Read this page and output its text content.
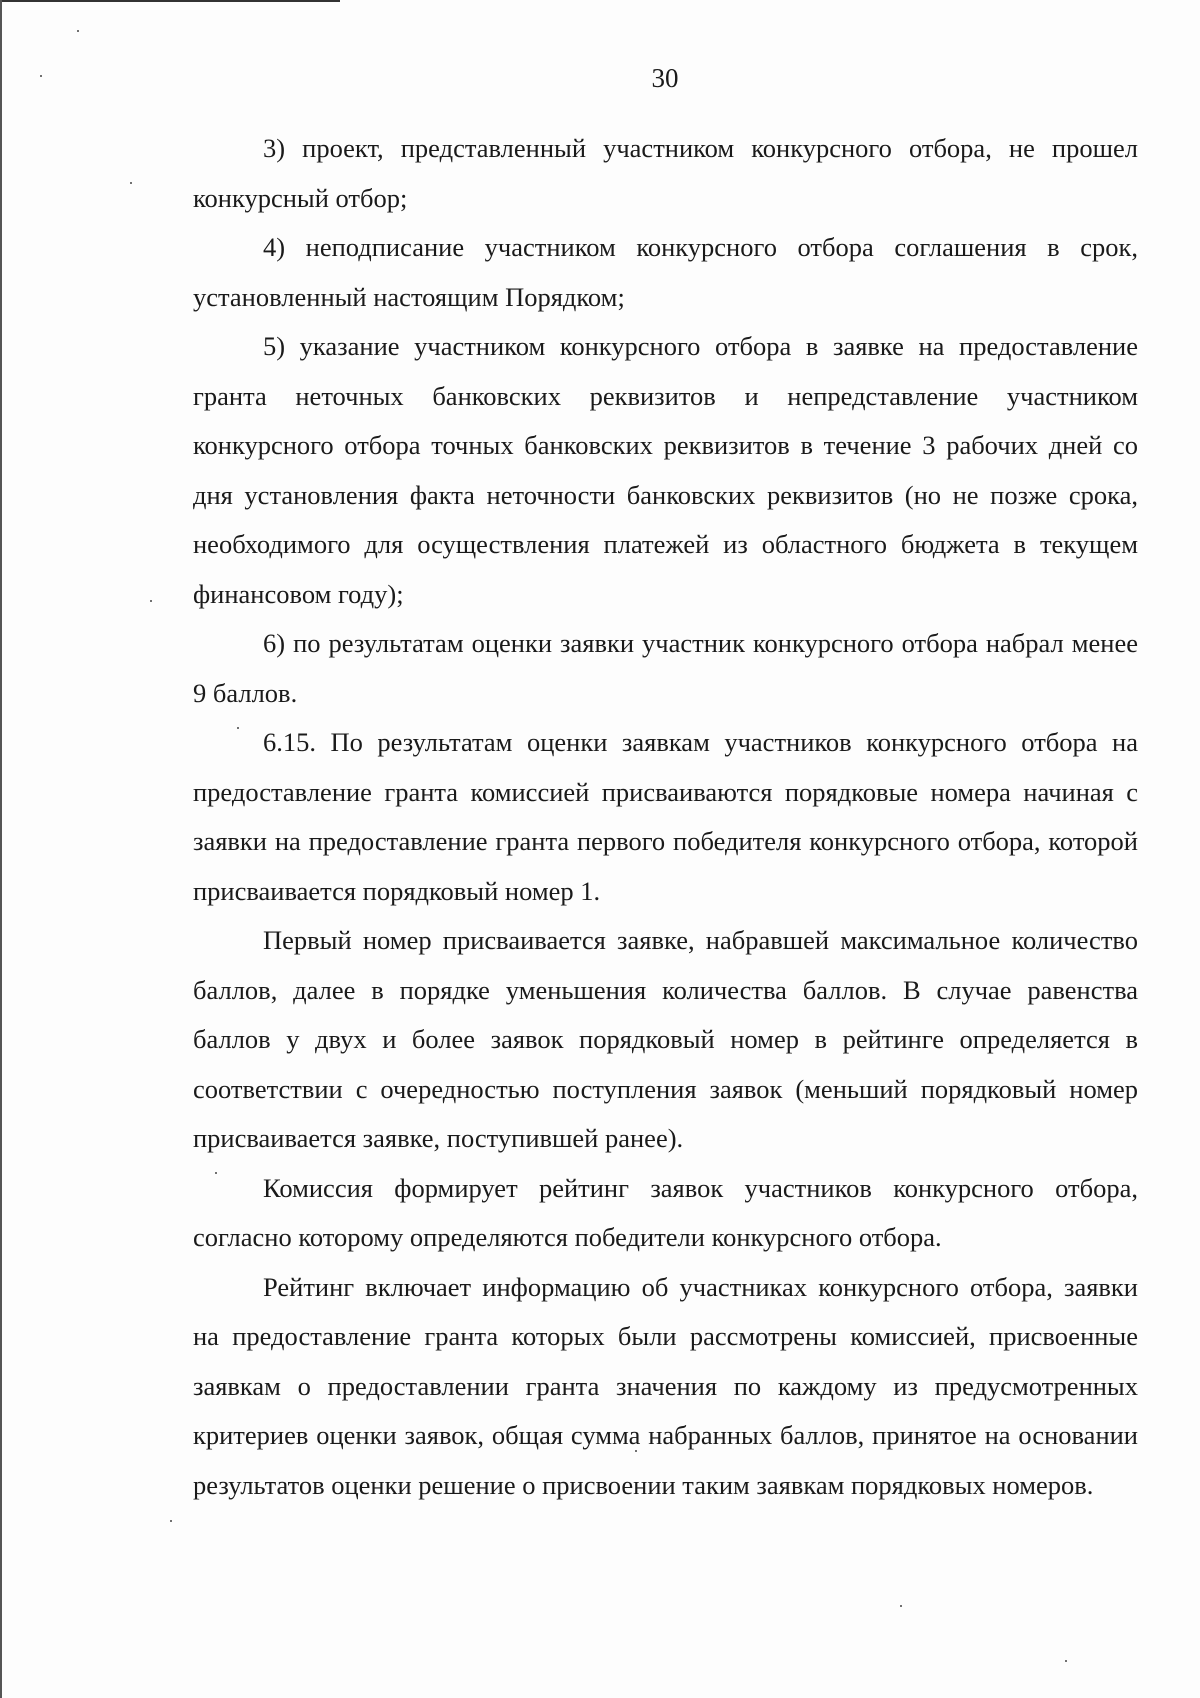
30

3) проект, представленный участником конкурсного отбора, не прошел конкурсный отбор;

4) неподписание участником конкурсного отбора соглашения в срок, установленный настоящим Порядком;

5) указание участником конкурсного отбора в заявке на предоставление гранта неточных банковских реквизитов и непредставление участником конкурсного отбора точных банковских реквизитов в течение 3 рабочих дней со дня установления факта неточности банковских реквизитов (но не позже срока, необходимого для осуществления платежей из областного бюджета в текущем финансовом году);

6) по результатам оценки заявки участник конкурсного отбора набрал менее 9 баллов.

6.15. По результатам оценки заявкам участников конкурсного отбора на предоставление гранта комиссией присваиваются порядковые номера начиная с заявки на предоставление гранта первого победителя конкурсного отбора, которой присваивается порядковый номер 1.

Первый номер присваивается заявке, набравшей максимальное количество баллов, далее в порядке уменьшения количества баллов. В случае равенства баллов у двух и более заявок порядковый номер в рейтинге определяется в соответствии с очередностью поступления заявок (меньший порядковый номер присваивается заявке, поступившей ранее).

Комиссия формирует рейтинг заявок участников конкурсного отбора, согласно которому определяются победители конкурсного отбора.

Рейтинг включает информацию об участниках конкурсного отбора, заявки на предоставление гранта которых были рассмотрены комиссией, присвоенные заявкам о предоставлении гранта значения по каждому из предусмотренных критериев оценки заявок, общая сумма набранных баллов, принятое на основании результатов оценки решение о присвоении таким заявкам порядковых номеров.
